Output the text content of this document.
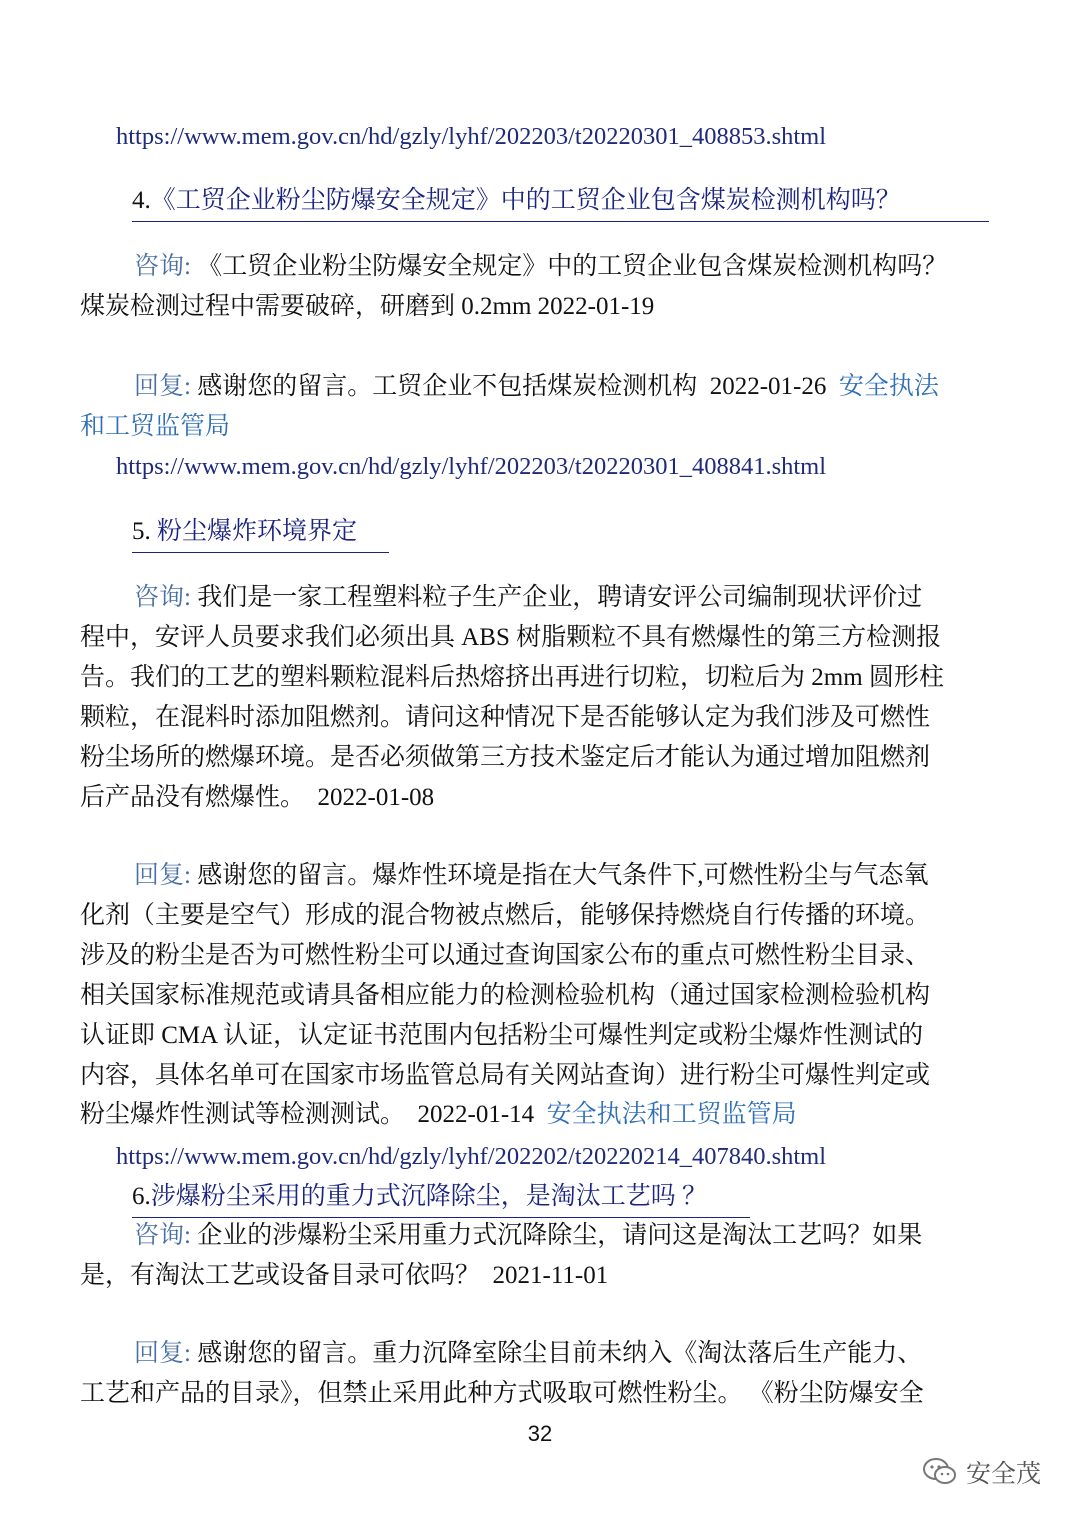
https://www.mem.gov.cn/hd/gzly/lyhf/202203/t20220301_408853.shtml
4.《工贸企业粉尘防爆安全规定》中的工贸企业包含煤炭检测机构吗？
咨询: 《工贸企业粉尘防爆安全规定》中的工贸企业包含煤炭检测机构吗？
煤炭检测过程中需要破碎，研磨到 0.2mm 2022-01-19
回复: 感谢您的留言。工贸企业不包括煤炭检测机构  2022-01-26  安全执法
和工贸监管局
https://www.mem.gov.cn/hd/gzly/lyhf/202203/t20220301_408841.shtml
5. 粉尘爆炸环境界定
咨询: 我们是一家工程塑料粒子生产企业，聘请安评公司编制现状评价过
程中，安评人员要求我们必须出具 ABS 树脂颗粒不具有燃爆性的第三方检测报
告。我们的工艺的塑料颗粒混料后热熔挤出再进行切粒，切粒后为 2mm 圆形柱
颗粒，在混料时添加阻燃剂。请问这种情况下是否能够认定为我们涉及可燃性
粉尘场所的燃爆环境。是否必须做第三方技术鉴定后才能认为通过增加阻燃剂
后产品没有燃爆性。  2022-01-08
回复: 感谢您的留言。爆炸性环境是指在大气条件下,可燃性粉尘与气态氧
化剂（主要是空气）形成的混合物被点燃后，能够保持燃烧自行传播的环境。
涉及的粉尘是否为可燃性粉尘可以通过查询国家公布的重点可燃性粉尘目录、
相关国家标准规范或请具备相应能力的检测检验机构（通过国家检测检验机构
认证即 CMA 认证，认定证书范围内包括粉尘可爆性判定或粉尘爆炸性测试的
内容，具体名单可在国家市场监管总局有关网站查询）进行粉尘可爆性判定或
粉尘爆炸性测试等检测测试。  2022-01-14  安全执法和工贸监管局
https://www.mem.gov.cn/hd/gzly/lyhf/202202/t20220214_407840.shtml
6.涉爆粉尘采用的重力式沉降除尘，是淘汰工艺吗 ？
咨询: 企业的涉爆粉尘采用重力式沉降除尘，请问这是淘汰工艺吗？如果
是，有淘汰工艺或设备目录可依吗？  2021-11-01
回复: 感谢您的留言。重力沉降室除尘目前未纳入《淘汰落后生产能力、
工艺和产品的目录》，但禁止采用此种方式吸取可燃性粉尘。 《粉尘防爆安全
32
安全茂
